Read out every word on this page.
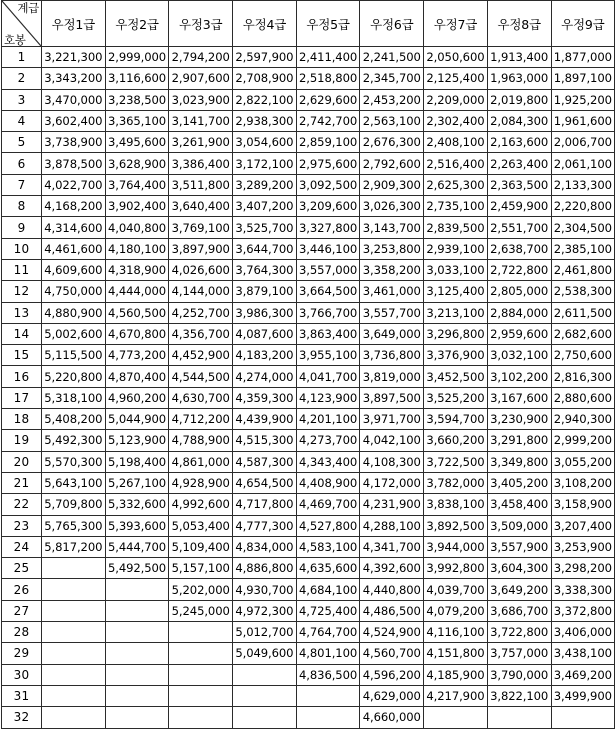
계급
호봉	우정1급	우정2급	우정3급	우정4급	우정5급	우정6급	우정7급	우정8급	우정9급
1	3,221,300	2,999,000	2,794,200	2,597,900	2,411,400	2,241,500	2,050,600	1,913,400	1,877,000
2	3,343,200	3,116,600	2,907,600	2,708,900	2,518,800	2,345,700	2,125,400	1,963,000	1,897,100
3	3,470,000	3,238,500	3,023,900	2,822,100	2,629,600	2,453,200	2,209,000	2,019,800	1,925,200
4	3,602,400	3,365,100	3,141,700	2,938,300	2,742,700	2,563,100	2,302,400	2,084,300	1,961,600
5	3,738,900	3,495,600	3,261,900	3,054,600	2,859,100	2,676,300	2,408,100	2,163,600	2,006,700
6	3,878,500	3,628,900	3,386,400	3,172,100	2,975,600	2,792,600	2,516,400	2,263,400	2,061,100
7	4,022,700	3,764,400	3,511,800	3,289,200	3,092,500	2,909,300	2,625,300	2,363,500	2,133,300
8	4,168,200	3,902,400	3,640,400	3,407,200	3,209,600	3,026,300	2,735,100	2,459,900	2,220,800
9	4,314,600	4,040,800	3,769,100	3,525,700	3,327,800	3,143,700	2,839,500	2,551,700	2,304,500
10	4,461,600	4,180,100	3,897,900	3,644,700	3,446,100	3,253,800	2,939,100	2,638,700	2,385,100
11	4,609,600	4,318,900	4,026,600	3,764,300	3,557,000	3,358,200	3,033,100	2,722,800	2,461,800
12	4,750,000	4,444,000	4,144,000	3,879,100	3,664,500	3,461,000	3,125,400	2,805,000	2,538,300
13	4,880,900	4,560,500	4,252,700	3,986,300	3,766,700	3,557,700	3,213,100	2,884,000	2,611,500
14	5,002,600	4,670,800	4,356,700	4,087,600	3,863,400	3,649,000	3,296,800	2,959,600	2,682,600
15	5,115,500	4,773,200	4,452,900	4,183,200	3,955,100	3,736,800	3,376,900	3,032,100	2,750,600
16	5,220,800	4,870,400	4,544,500	4,274,000	4,041,700	3,819,000	3,452,500	3,102,200	2,816,300
17	5,318,100	4,960,200	4,630,700	4,359,300	4,123,900	3,897,500	3,525,200	3,167,600	2,880,600
18	5,408,200	5,044,900	4,712,200	4,439,900	4,201,100	3,971,700	3,594,700	3,230,900	2,940,300
19	5,492,300	5,123,900	4,788,900	4,515,300	4,273,700	4,042,100	3,660,200	3,291,800	2,999,200
20	5,570,300	5,198,400	4,861,000	4,587,300	4,343,400	4,108,300	3,722,500	3,349,800	3,055,200
21	5,643,100	5,267,100	4,928,900	4,654,500	4,408,900	4,172,000	3,782,000	3,405,200	3,108,200
22	5,709,800	5,332,600	4,992,600	4,717,800	4,469,700	4,231,900	3,838,100	3,458,400	3,158,900
23	5,765,300	5,393,600	5,053,400	4,777,300	4,527,800	4,288,100	3,892,500	3,509,000	3,207,400
24	5,817,200	5,444,700	5,109,400	4,834,000	4,583,100	4,341,700	3,944,000	3,557,900	3,253,900
25		5,492,500	5,157,100	4,886,800	4,635,600	4,392,600	3,992,800	3,604,300	3,298,200
26			5,202,000	4,930,700	4,684,100	4,440,800	4,039,700	3,649,200	3,338,300
27			5,245,000	4,972,300	4,725,400	4,486,500	4,079,200	3,686,700	3,372,800
28				5,012,700	4,764,700	4,524,900	4,116,100	3,722,800	3,406,000
29				5,049,600	4,801,100	4,560,700	4,151,800	3,757,000	3,438,100
30					4,836,500	4,596,200	4,185,900	3,790,000	3,469,200
31						4,629,000	4,217,900	3,822,100	3,499,900
32						4,660,000			
